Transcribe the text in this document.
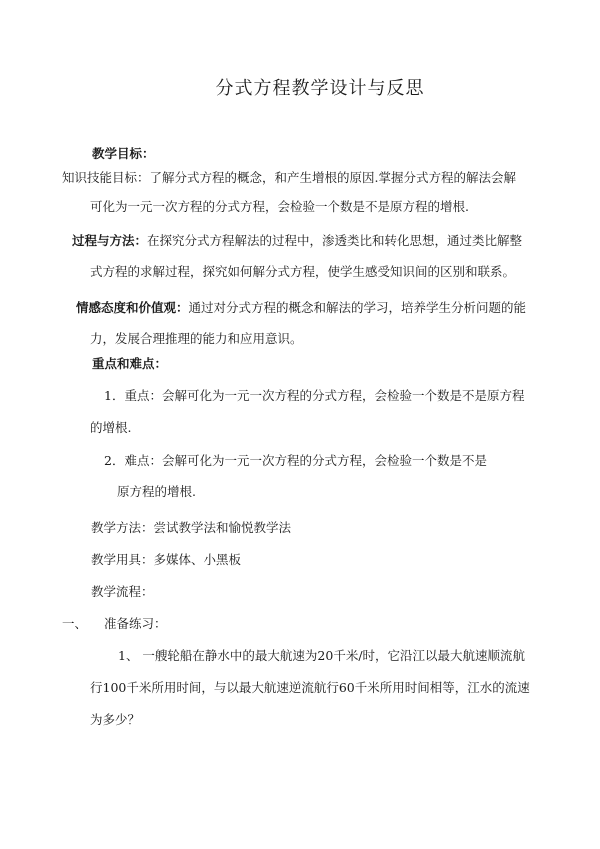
分式方程教学设计与反思
教学目标：
知识技能目标：了解分式方程的概念，和产生增根的原因.掌握分式方程的解法会解
可化为一元一次方程的分式方程，会检验一个数是不是原方程的增根.
过程与方法：在探究分式方程解法的过程中，渗透类比和转化思想，通过类比解整
式方程的求解过程，探究如何解分式方程，使学生感受知识间的区别和联系。
情感态度和价值观：通过对分式方程的概念和解法的学习，培养学生分析问题的能
力，发展合理推理的能力和应用意识。
重点和难点：
1．重点：会解可化为一元一次方程的分式方程，会检验一个数是不是原方程
的增根.
2．难点：会解可化为一元一次方程的分式方程，会检验一个数是不是
原方程的增根.
教学方法：尝试教学法和愉悦教学法
教学用具：多媒体、小黑板
教学流程：
一、 准备练习：
1、 一艘轮船在静水中的最大航速为20千米/时，它沿江以最大航速顺流航
行100千米所用时间，与以最大航速逆流航行60千米所用时间相等，江水的流速
为多少？
